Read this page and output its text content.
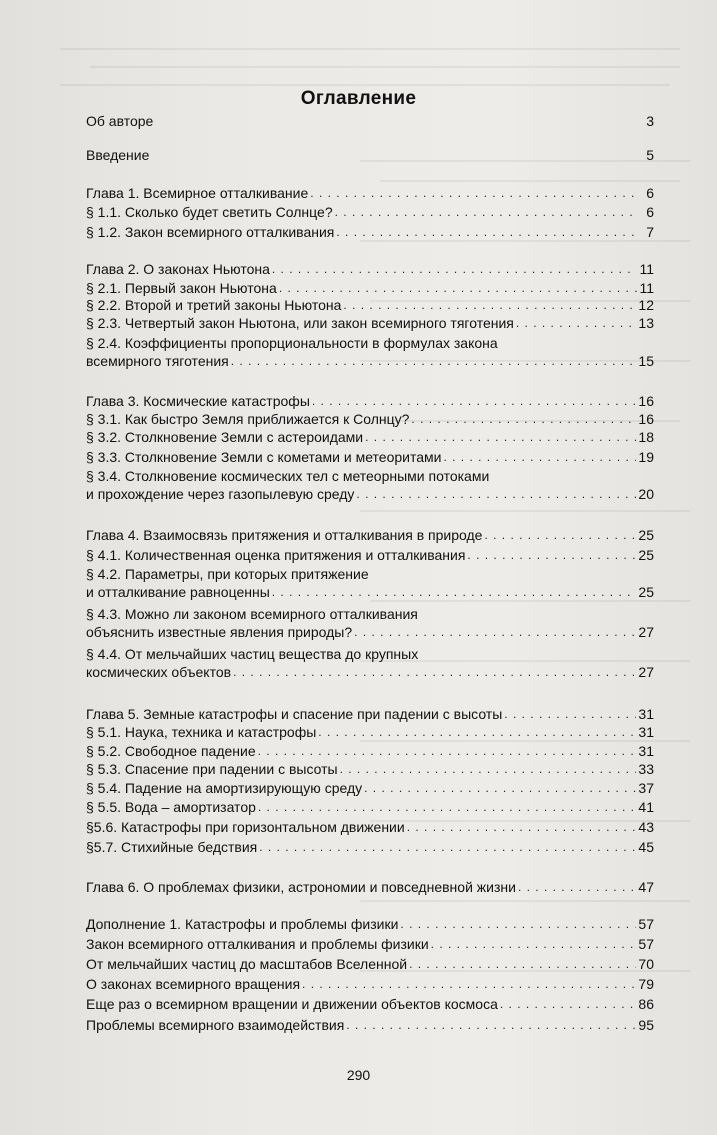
Оглавление
Об авторе	3
Введение	5
Глава 1. Всемирное отталкивание . . .	6
§ 1.1. Сколько будет светить Солнце? . . .	6
§ 1.2. Закон всемирного отталкивания . . .	7
Глава 2. О законах Ньютона . . .	11
§ 2.1. Первый закон Ньютона . . .	11
§ 2.2. Второй и третий законы Ньютона . . .	12
§ 2.3. Четвертый закон Ньютона, или закон всемирного тяготения . . .	13
§ 2.4. Коэффициенты пропорциональности в формулах закона
всемирного тяготения . . .	15
Глава 3. Космические катастрофы . . .	16
§ 3.1. Как быстро Земля приближается к Солнцу? . . .	16
§ 3.2. Столкновение Земли с астероидами . . .	18
§ 3.3. Столкновение Земли с кометами и метеоритами . . .	19
§ 3.4. Столкновение космических тел с метеорными потоками
и прохождение через газопылевую среду . . .	20
Глава 4. Взаимосвязь притяжения и отталкивания в природе . . .	25
§ 4.1. Количественная оценка притяжения и отталкивания . . .	25
§ 4.2. Параметры, при которых притяжение
и отталкивание равноценны . . .	25
§ 4.3. Можно ли законом всемирного отталкивания
объяснить известные явления природы? . . .	27
§ 4.4. От мельчайших частиц вещества до крупных
космических объектов . . .	27
Глава 5. Земные катастрофы и спасение при падении с высоты . . .	31
§ 5.1. Наука, техника и катастрофы . . .	31
§ 5.2. Свободное падение . . .	31
§ 5.3. Спасение при падении с высоты . . .	33
§ 5.4. Падение на амортизирующую среду . . .	37
§ 5.5. Вода – амортизатор . . .	41
§5.6. Катастрофы при горизонтальном движении . . .	43
§5.7. Стихийные бедствия . . .	45
Глава 6. О проблемах физики, астрономии и повседневной жизни . . .	47
Дополнение 1. Катастрофы и проблемы физики . . .	57
Закон всемирного отталкивания и проблемы физики . . .	57
От мельчайших частиц до масштабов Вселенной . . .	70
О законах всемирного вращения . . .	79
Еще раз о всемирном вращении и движении объектов космоса . . .	86
Проблемы всемирного взаимодействия . . .	95
290
